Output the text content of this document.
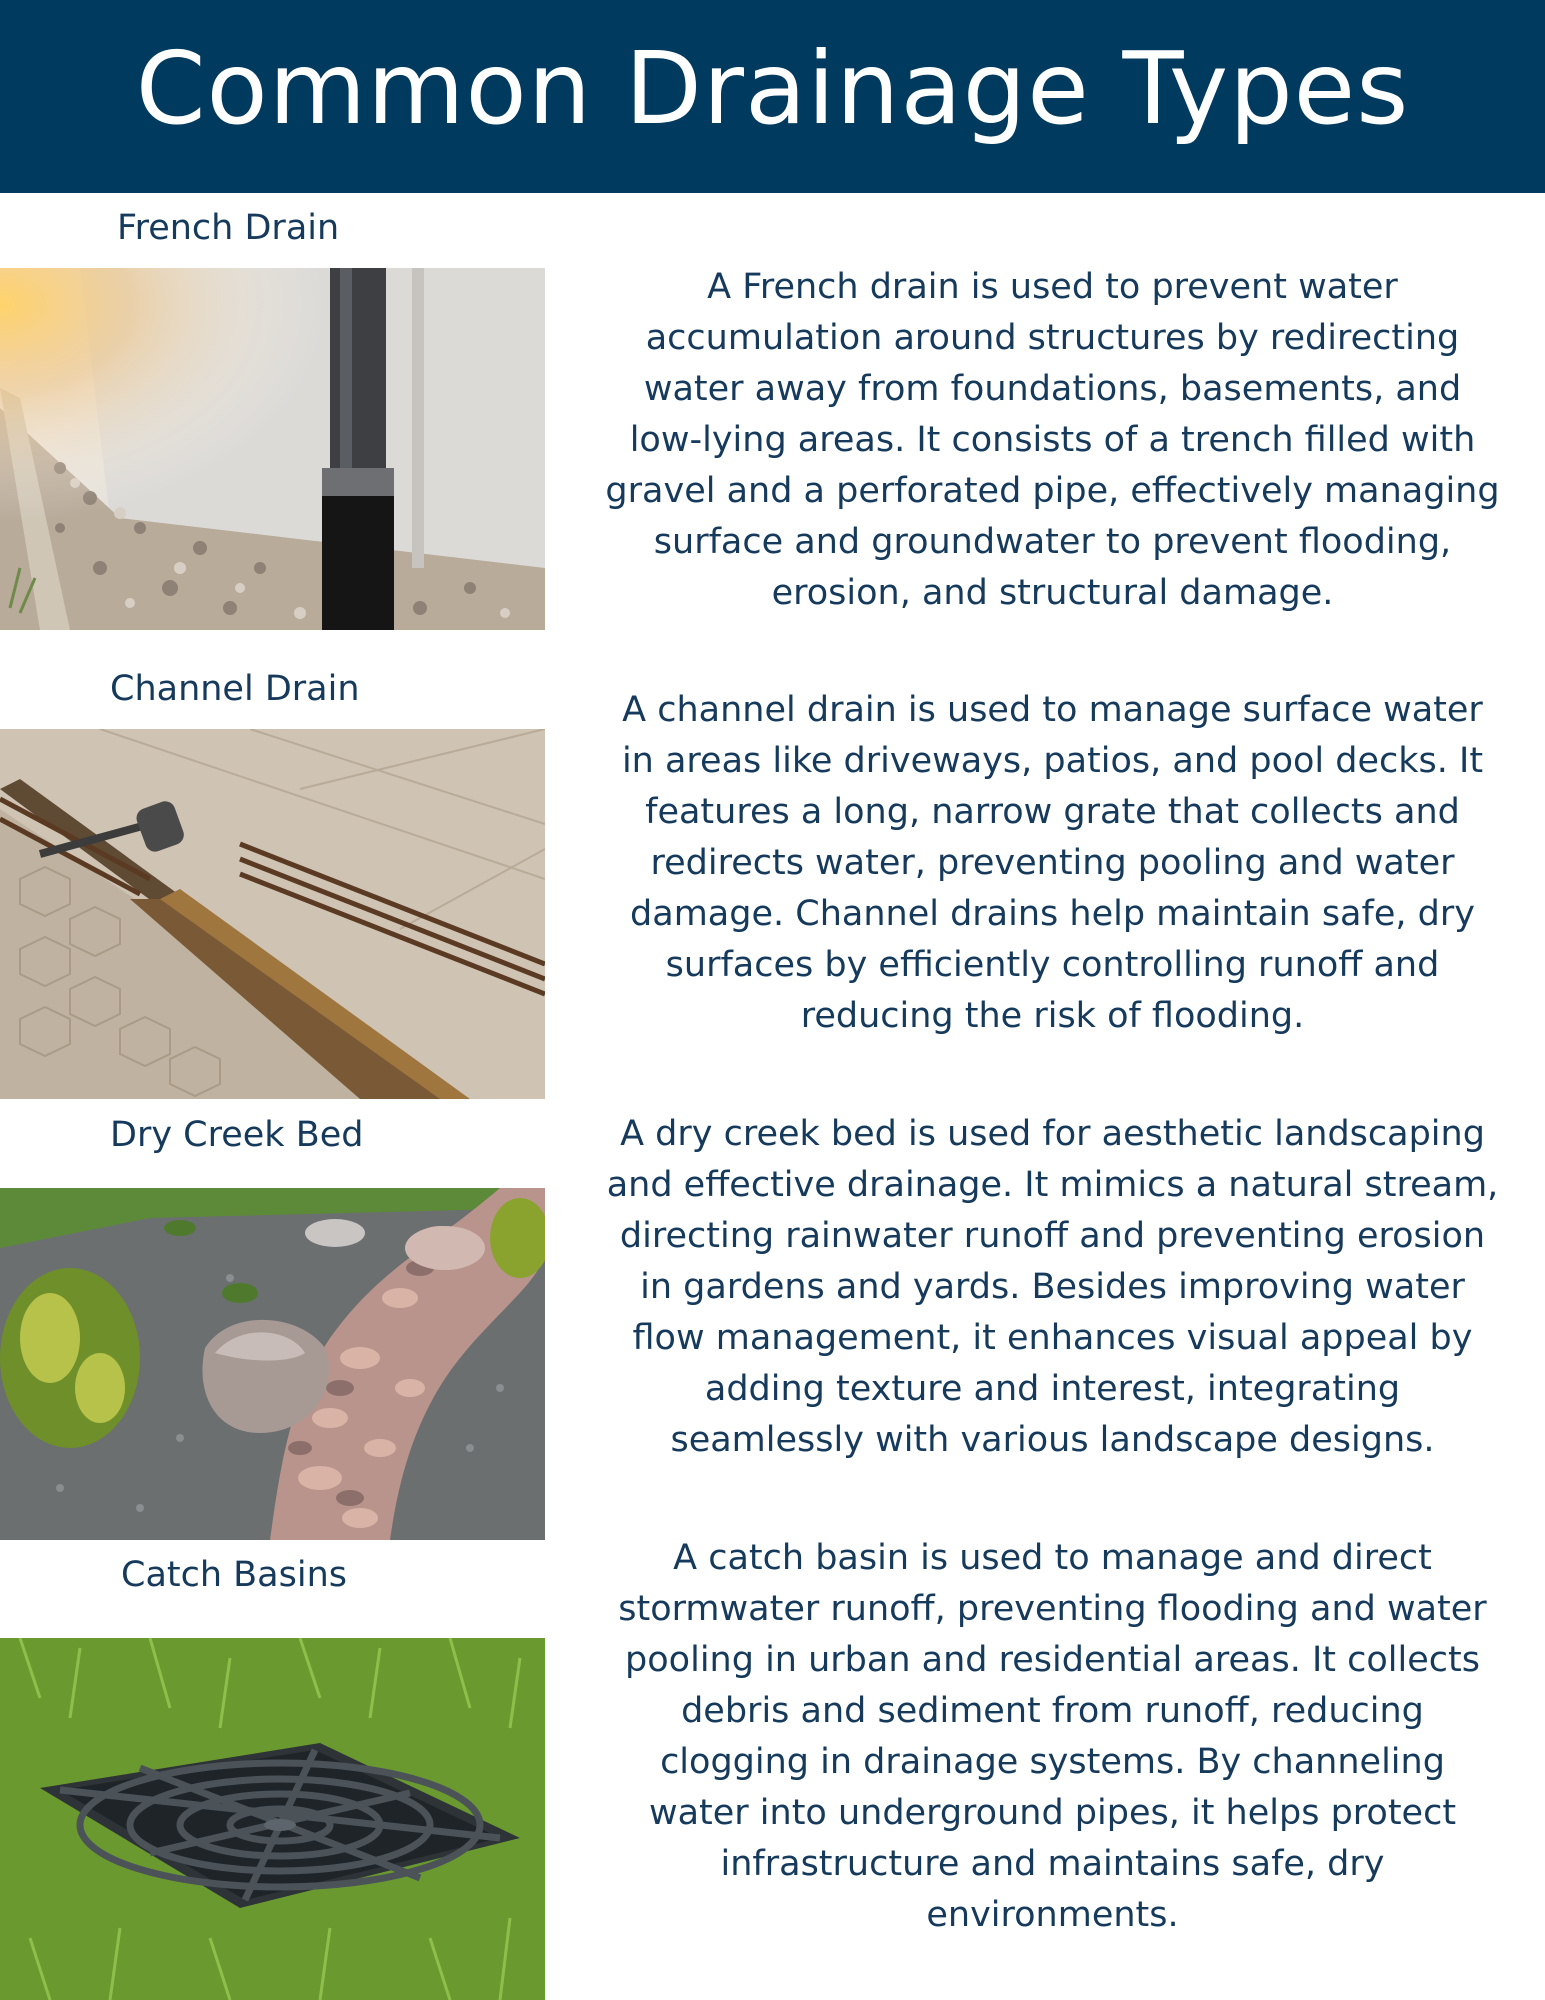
Common Drainage Types
French Drain
A French drain is used to prevent water accumulation around structures by redirecting water away from foundations, basements, and low-lying areas. It consists of a trench filled with gravel and a perforated pipe, effectively managing surface and groundwater to prevent flooding, erosion, and structural damage.
Channel Drain
A channel drain is used to manage surface water in areas like driveways, patios, and pool decks. It features a long, narrow grate that collects and redirects water, preventing pooling and water damage. Channel drains help maintain safe, dry surfaces by efficiently controlling runoff and reducing the risk of flooding.
Dry Creek Bed	A dry creek bed is used for aesthetic landscaping and effective drainage. It mimics a natural stream, directing rainwater runoff and preventing erosion in gardens and yards. Besides improving water flow management, it enhances visual appeal by adding texture and interest, integrating seamlessly with various landscape designs.
Catch Basins	A catch basin is used to manage and direct stormwater runoff, preventing flooding and water pooling in urban and residential areas. It collects debris and sediment from runoff, reducing clogging in drainage systems. By channeling water into underground pipes, it helps protect infrastructure and maintains safe, dry environments.
